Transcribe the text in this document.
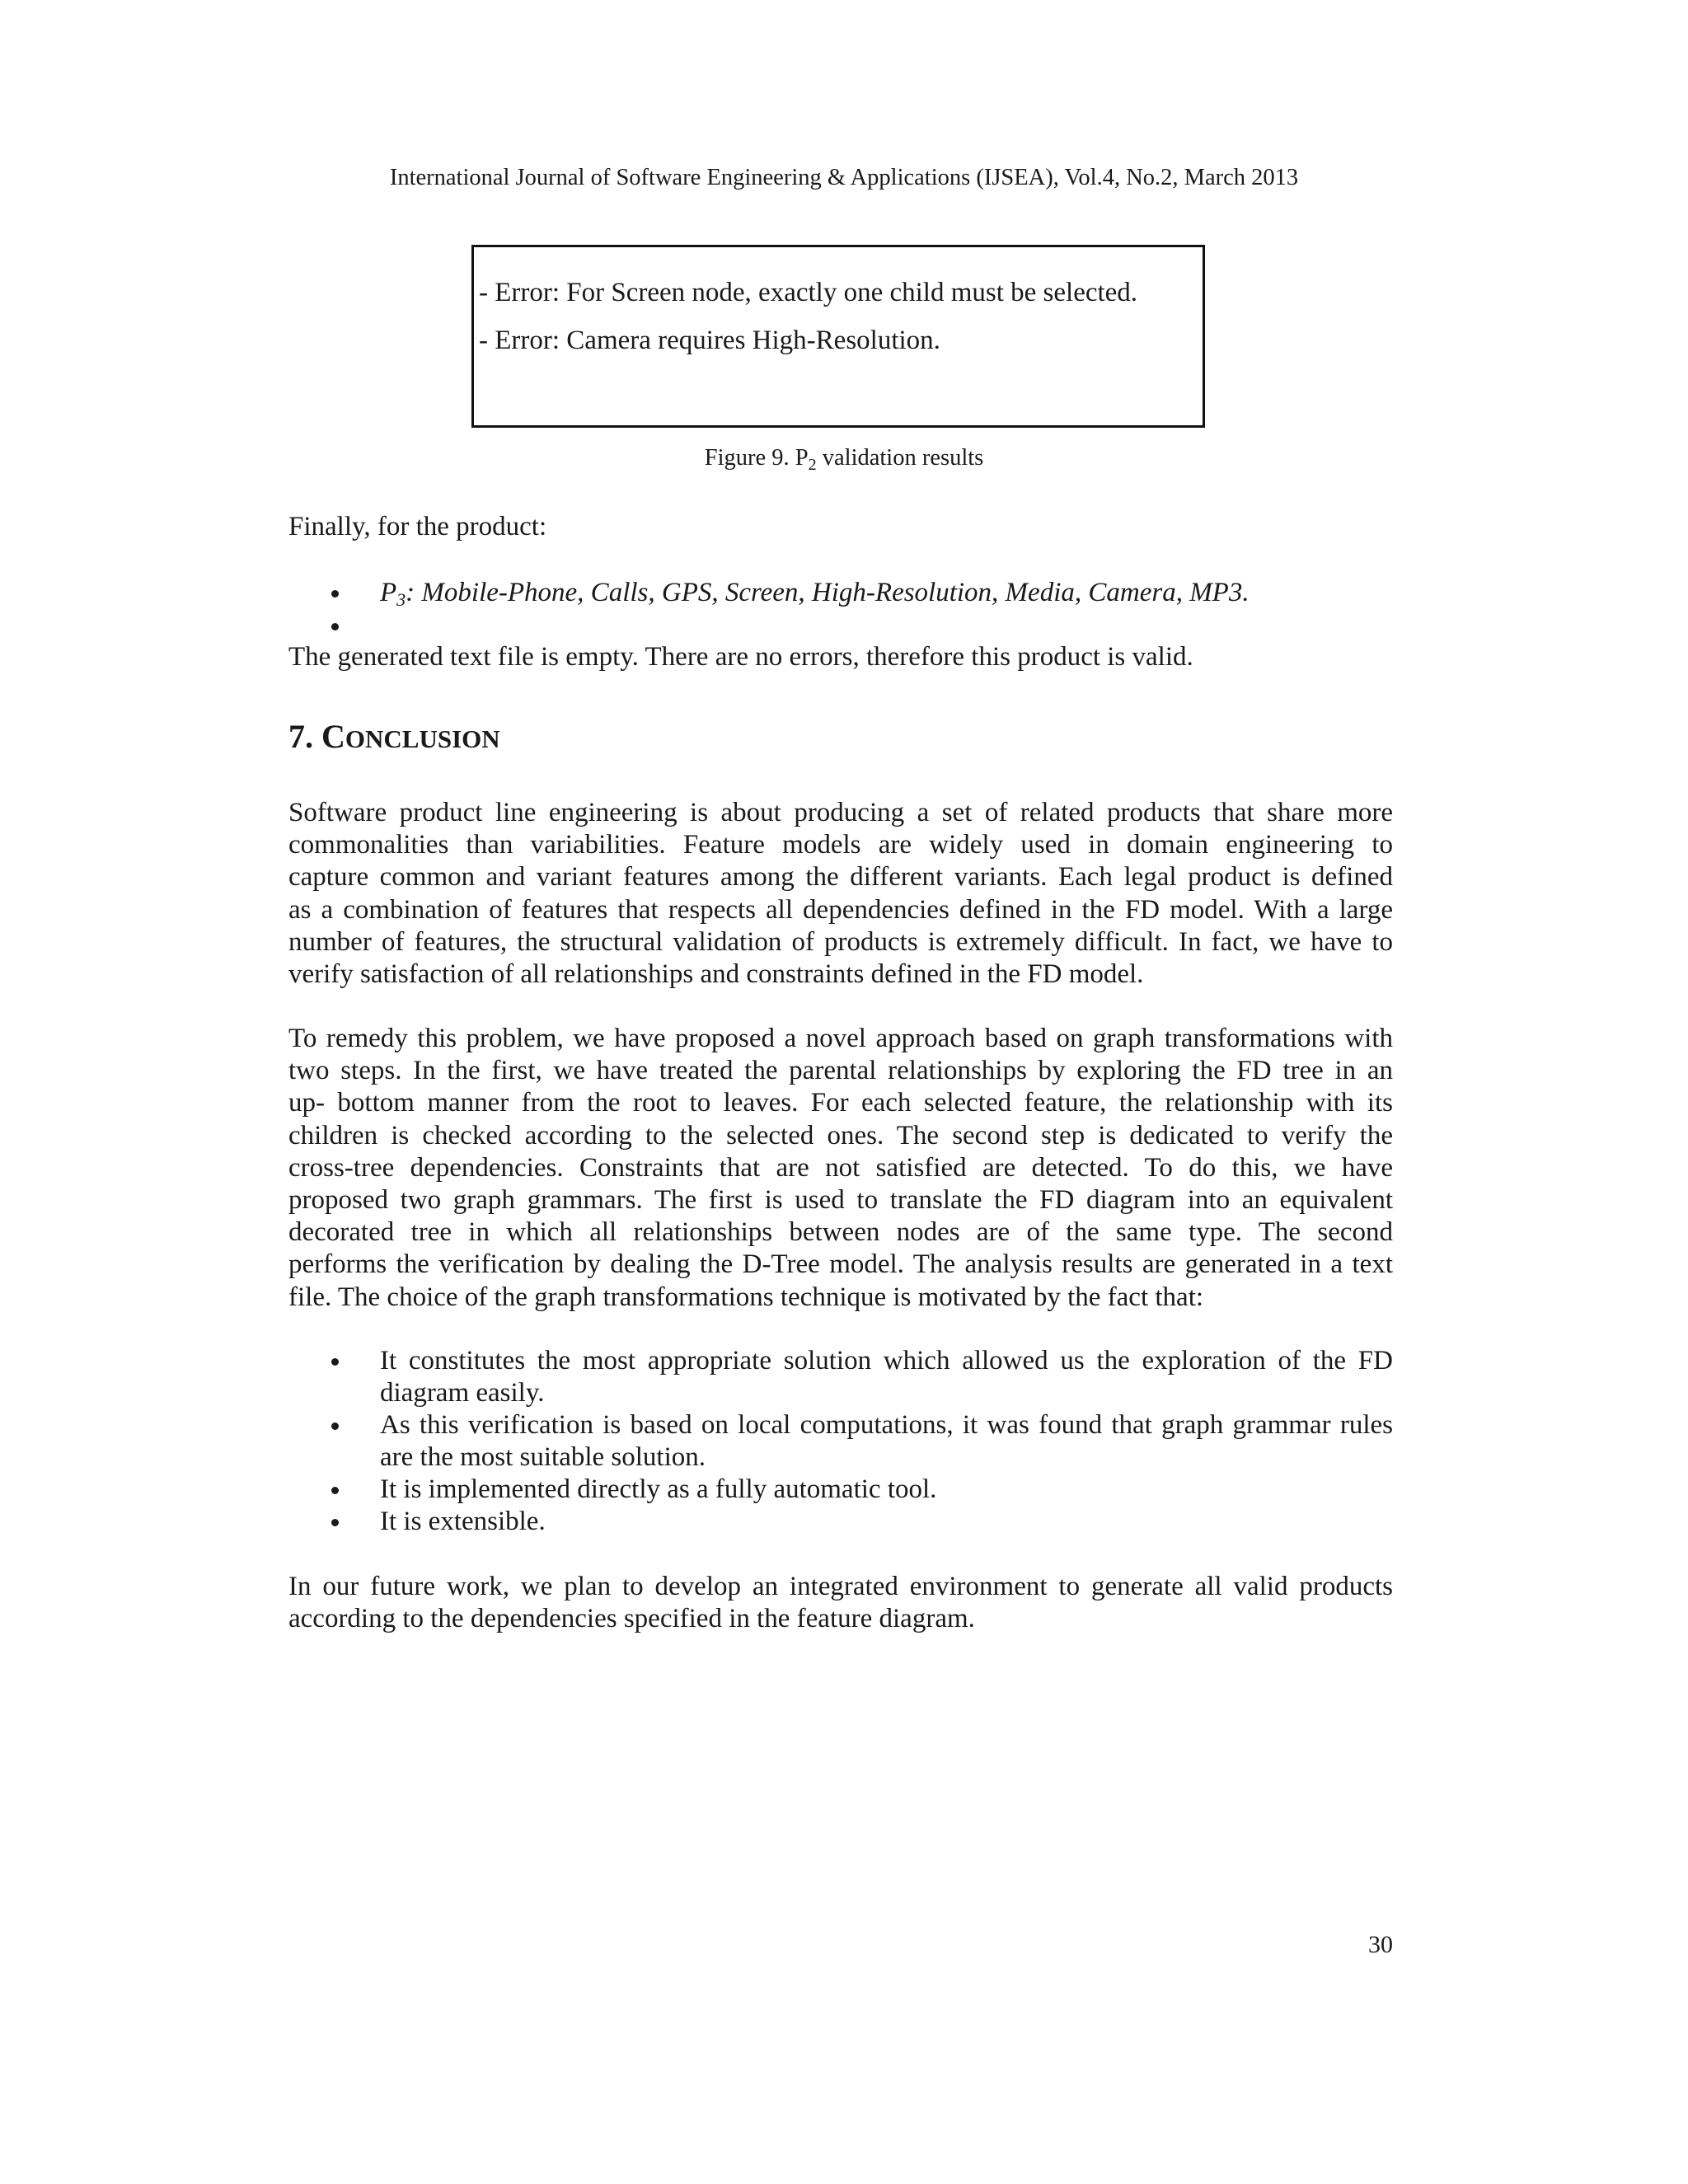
International Journal of Software Engineering & Applications (IJSEA), Vol.4, No.2, March 2013
- Error: For Screen node, exactly one child must be selected.
- Error: Camera requires High-Resolution.
Figure 9. $P_2$ validation results
Finally, for the product:
$P_3$: Mobile-Phone, Calls, GPS, Screen, High-Resolution, Media, Camera, MP3.
The generated text file is empty. There are no errors, therefore this product is valid.
7. CONCLUSION
Software product line engineering is about producing a set of related products that share more
commonalities than variabilities. Feature models are widely used in domain engineering to
capture common and variant features among the different variants. Each legal product is defined
as a combination of features that respects all dependencies defined in the FD model. With a large
number of features, the structural validation of products is extremely difficult. In fact, we have to
verify satisfaction of all relationships and constraints defined in the FD model.
To remedy this problem, we have proposed a novel approach based on graph transformations with
two steps. In the first, we have treated the parental relationships by exploring the FD tree in an
up- bottom manner from the root to leaves. For each selected feature, the relationship with its
children is checked according to the selected ones. The second step is dedicated to verify the
cross-tree dependencies. Constraints that are not satisfied are detected. To do this, we have
proposed two graph grammars. The first is used to translate the FD diagram into an equivalent
decorated tree in which all relationships between nodes are of the same type. The second
performs the verification by dealing the D-Tree model. The analysis results are generated in a text
file. The choice of the graph transformations technique is motivated by the fact that:
It constitutes the most appropriate solution which allowed us the exploration of the FD
diagram easily.
As this verification is based on local computations, it was found that graph grammar rules
are the most suitable solution.
It is implemented directly as a fully automatic tool.
It is extensible.
In our future work, we plan to develop an integrated environment to generate all valid products
according to the dependencies specified in the feature diagram.
30
